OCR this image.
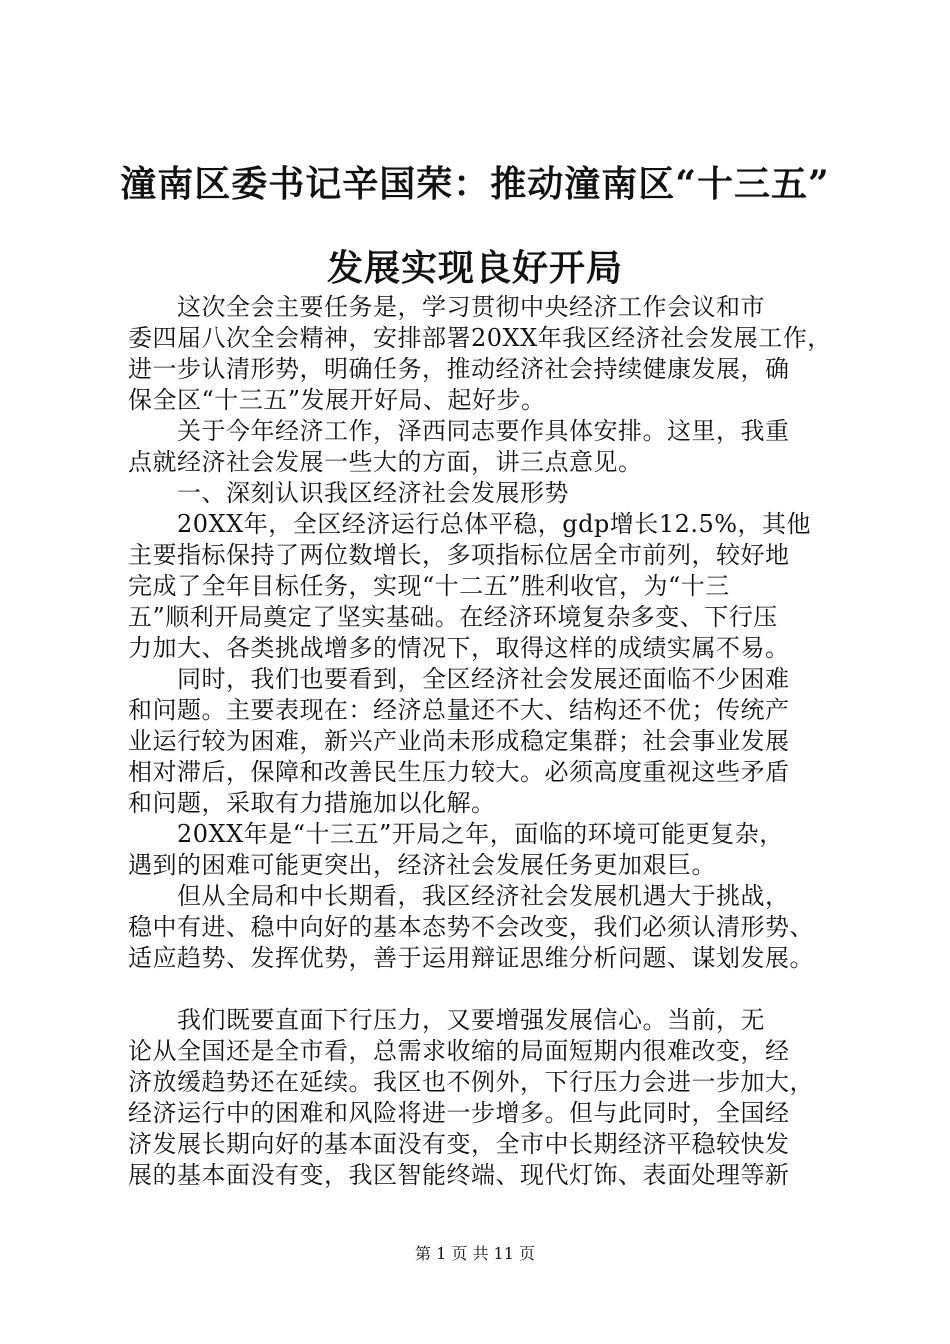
潼南区委书记辛国荣：推动潼南区“十三五”
发展实现良好开局
　　这次全会主要任务是，学习贯彻中央经济工作会议和市
委四届八次全会精神，安排部署20XX年我区经济社会发展工作，
进一步认清形势，明确任务，推动经济社会持续健康发展，确
保全区“十三五”发展开好局、起好步。
　　关于今年经济工作，泽西同志要作具体安排。这里，我重
点就经济社会发展一些大的方面，讲三点意见。
　　一、深刻认识我区经济社会发展形势
　　20XX年，全区经济运行总体平稳，gdp增长12.5%，其他
主要指标保持了两位数增长，多项指标位居全市前列，较好地
完成了全年目标任务，实现“十二五”胜利收官，为“十三
五”顺利开局奠定了坚实基础。在经济环境复杂多变、下行压
力加大、各类挑战增多的情况下，取得这样的成绩实属不易。
　　同时，我们也要看到，全区经济社会发展还面临不少困难
和问题。主要表现在：经济总量还不大、结构还不优；传统产
业运行较为困难，新兴产业尚未形成稳定集群；社会事业发展
相对滞后，保障和改善民生压力较大。必须高度重视这些矛盾
和问题，采取有力措施加以化解。
　　20XX年是“十三五”开局之年，面临的环境可能更复杂，
遇到的困难可能更突出，经济社会发展任务更加艰巨。
　　但从全局和中长期看，我区经济社会发展机遇大于挑战，
稳中有进、稳中向好的基本态势不会改变，我们必须认清形势、
适应趋势、发挥优势，善于运用辩证思维分析问题、谋划发展。
　　我们既要直面下行压力，又要增强发展信心。当前，无
论从全国还是全市看，总需求收缩的局面短期内很难改变，经
济放缓趋势还在延续。我区也不例外，下行压力会进一步加大，
经济运行中的困难和风险将进一步增多。但与此同时，全国经
济发展长期向好的基本面没有变，全市中长期经济平稳较快发
展的基本面没有变，我区智能终端、现代灯饰、表面处理等新
第 1 页 共 11 页
